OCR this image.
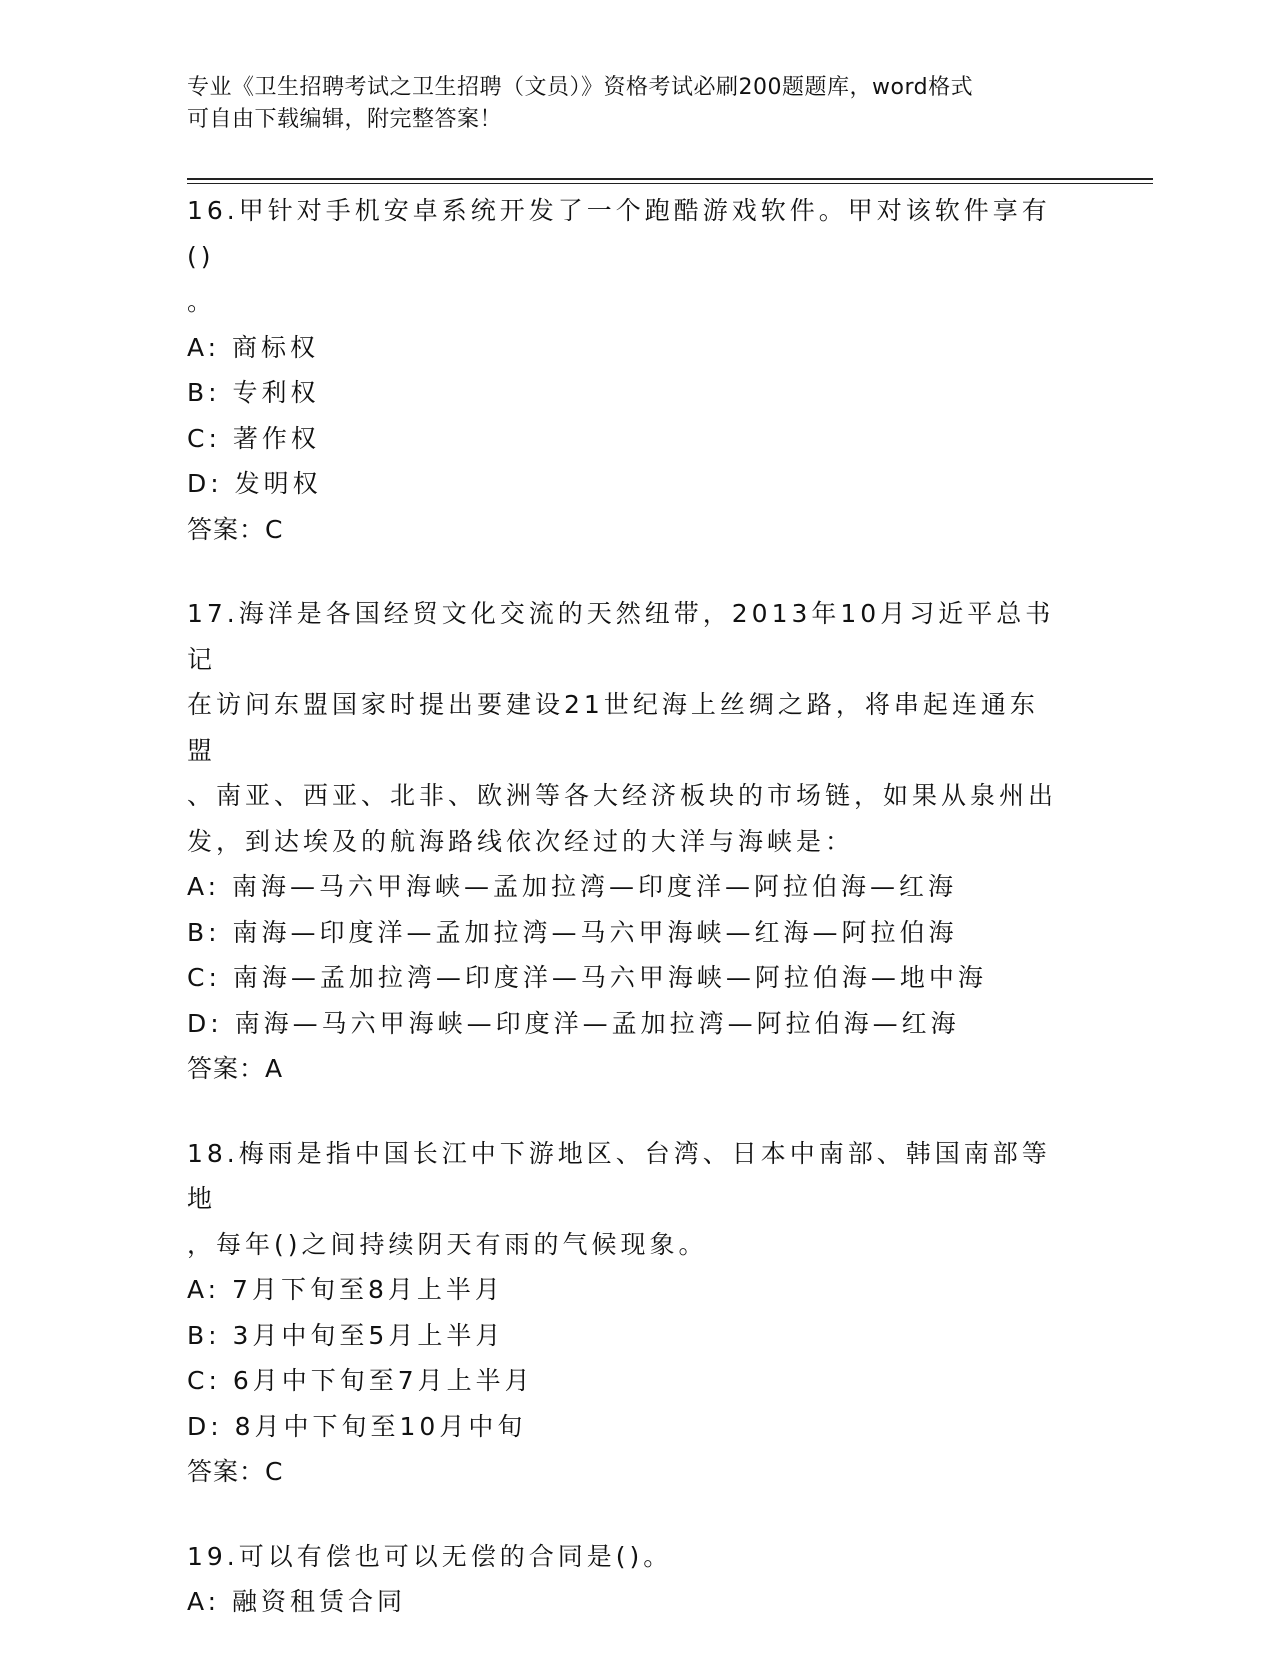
专业《卫生招聘考试之卫生招聘（文员）》资格考试必刷200题题库，word格式
可自由下载编辑，附完整答案！
16.甲针对手机安卓系统开发了一个跑酷游戏软件。甲对该软件享有()
。
A: 商标权
B: 专利权
C: 著作权
D: 发明权
答案：C
17.海洋是各国经贸文化交流的天然纽带，2013年10月习近平总书记
在访问东盟国家时提出要建设21世纪海上丝绸之路，将串起连通东盟
、南亚、西亚、北非、欧洲等各大经济板块的市场链，如果从泉州出
发，到达埃及的航海路线依次经过的大洋与海峡是：
A: 南海—马六甲海峡—孟加拉湾—印度洋—阿拉伯海—红海
B: 南海—印度洋—孟加拉湾—马六甲海峡—红海—阿拉伯海
C: 南海—孟加拉湾—印度洋—马六甲海峡—阿拉伯海—地中海
D: 南海—马六甲海峡—印度洋—孟加拉湾—阿拉伯海—红海
答案：A
18.梅雨是指中国长江中下游地区、台湾、日本中南部、韩国南部等地
，每年()之间持续阴天有雨的气候现象。
A: 7月下旬至8月上半月
B: 3月中旬至5月上半月
C: 6月中下旬至7月上半月
D: 8月中下旬至10月中旬
答案：C
19.可以有偿也可以无偿的合同是()。
A: 融资租赁合同
